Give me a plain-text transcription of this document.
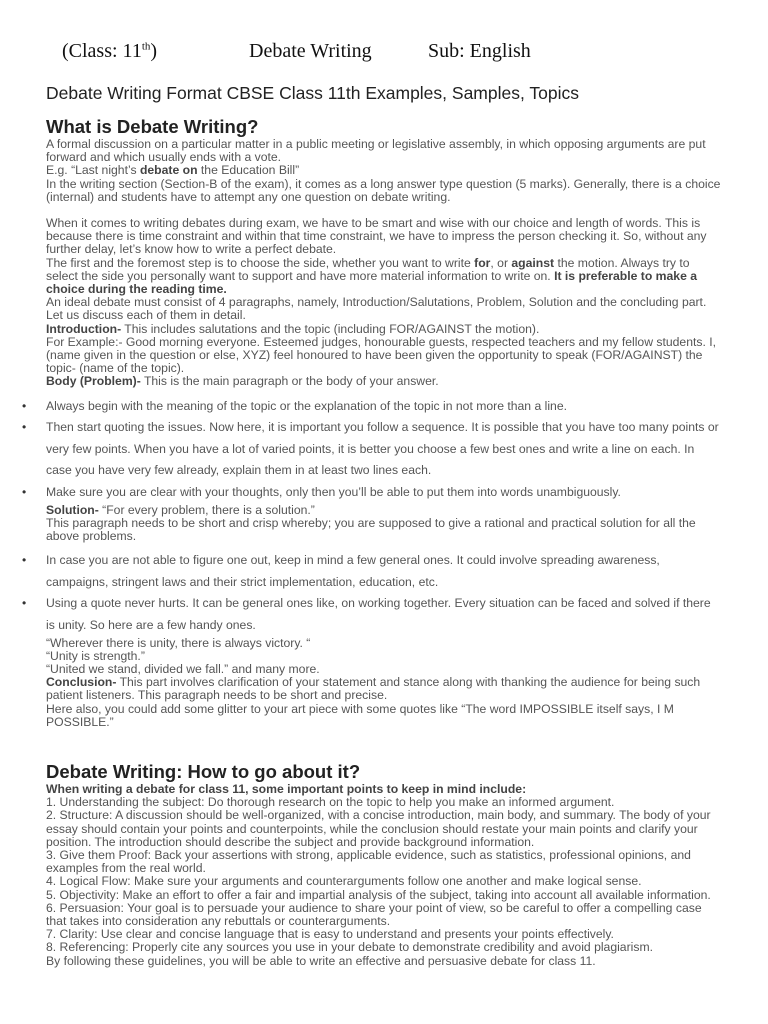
(Class: 11th)	Debate Writing	Sub: English

Debate Writing Format CBSE Class 11th Examples, Samples, Topics

What is Debate Writing?

A formal discussion on a particular matter in a public meeting or legislative assembly, in which opposing arguments are put forward and which usually ends with a vote.

E.g. “Last night’s debate on the Education Bill”

In the writing section (Section-B of the exam), it comes as a long answer type question (5 marks). Generally, there is a choice (internal) and students have to attempt any one question on debate writing.

When it comes to writing debates during exam, we have to be smart and wise with our choice and length of words. This is because there is time constraint and within that time constraint, we have to impress the person checking it. So, without any further delay, let’s know how to write a perfect debate.

The first and the foremost step is to choose the side, whether you want to write for, or against the motion. Always try to select the side you personally want to support and have more material information to write on. It is preferable to make a choice during the reading time.

An ideal debate must consist of 4 paragraphs, namely, Introduction/Salutations, Problem, Solution and the concluding part. Let us discuss each of them in detail.

Introduction- This includes salutations and the topic (including FOR/AGAINST the motion).

For Example:- Good morning everyone. Esteemed judges, honourable guests, respected teachers and my fellow students. I, (name given in the question or else, XYZ) feel honoured to have been given the opportunity to speak (FOR/AGAINST) the topic- (name of the topic).

Body (Problem)- This is the main paragraph or the body of your answer.

• Always begin with the meaning of the topic or the explanation of the topic in not more than a line.
• Then start quoting the issues. Now here, it is important you follow a sequence. It is possible that you have too many points or very few points. When you have a lot of varied points, it is better you choose a few best ones and write a line on each. In case you have very few already, explain them in at least two lines each.
• Make sure you are clear with your thoughts, only then you’ll be able to put them into words unambiguously.

Solution- “For every problem, there is a solution.”

This paragraph needs to be short and crisp whereby; you are supposed to give a rational and practical solution for all the above problems.

• In case you are not able to figure one out, keep in mind a few general ones. It could involve spreading awareness, campaigns, stringent laws and their strict implementation, education, etc.
• Using a quote never hurts. It can be general ones like, on working together. Every situation can be faced and solved if there is unity. So here are a few handy ones.

“Wherever there is unity, there is always victory. “

“Unity is strength.”

“United we stand, divided we fall.” and many more.

Conclusion- This part involves clarification of your statement and stance along with thanking the audience for being such patient listeners. This paragraph needs to be short and precise.

Here also, you could add some glitter to your art piece with some quotes like “The word IMPOSSIBLE itself says, I M POSSIBLE.”

Debate Writing: How to go about it?

When writing a debate for class 11, some important points to keep in mind include:

1. Understanding the subject: Do thorough research on the topic to help you make an informed argument.

2. Structure: A discussion should be well-organized, with a concise introduction, main body, and summary. The body of your essay should contain your points and counterpoints, while the conclusion should restate your main points and clarify your position. The introduction should describe the subject and provide background information.

3. Give them Proof: Back your assertions with strong, applicable evidence, such as statistics, professional opinions, and examples from the real world.

4. Logical Flow: Make sure your arguments and counterarguments follow one another and make logical sense.

5. Objectivity: Make an effort to offer a fair and impartial analysis of the subject, taking into account all available information.

6. Persuasion: Your goal is to persuade your audience to share your point of view, so be careful to offer a compelling case that takes into consideration any rebuttals or counterarguments.

7. Clarity: Use clear and concise language that is easy to understand and presents your points effectively.

8. Referencing: Properly cite any sources you use in your debate to demonstrate credibility and avoid plagiarism.

By following these guidelines, you will be able to write an effective and persuasive debate for class 11.
